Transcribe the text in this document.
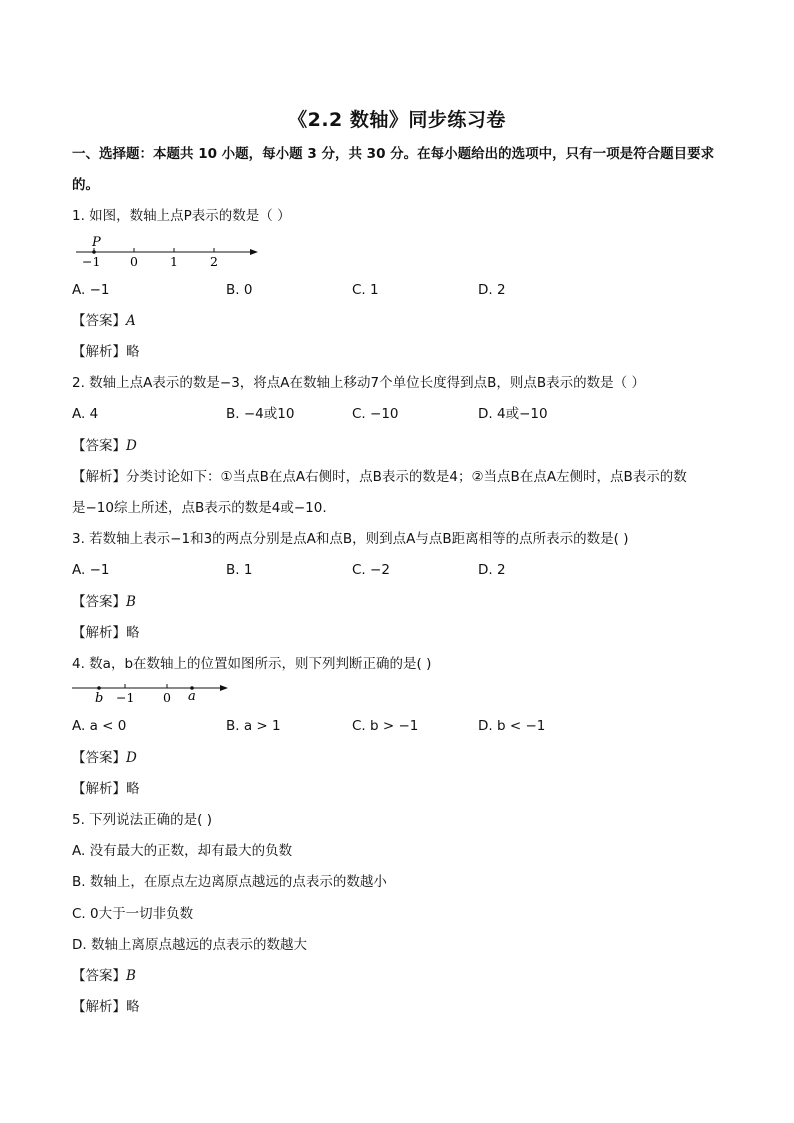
《2.2 数轴》同步练习卷
一、选择题：本题共 10 小题，每小题 3 分，共 30 分。在每小题给出的选项中，只有一项是符合题目要求
的。
1. 如图，数轴上点P表示的数是（ ）
P
−1 0	1	2
A. −1	B. 0	C. 1	D. 2
【答案】A
【解析】略
2. 数轴上点A表示的数是−3，将点A在数轴上移动7个单位长度得到点B，则点B表示的数是（ ）
A. 4	B. −4或10	C. −10	D. 4或−10
【答案】D
【解析】分类讨论如下：①当点B在点A右侧时，点B表示的数是4；②当点B在点A左侧时，点B表示的数
是−10综上所述，点B表示的数是4或−10.
3. 若数轴上表示−1和3的两点分别是点A和点B，则到点A与点B距离相等的点所表示的数是( )
A. −1	B. 1	C. −2	D. 2
【答案】B
【解析】略
4. 数a，b在数轴上的位置如图所示，则下列判断正确的是( )
b −1 0 a
A. a < 0	B. a > 1	C. b > −1	D. b < −1
【答案】D
【解析】略
5. 下列说法正确的是( )
A. 没有最大的正数，却有最大的负数
B. 数轴上，在原点左边离原点越远的点表示的数越小
C. 0大于一切非负数
D. 数轴上离原点越远的点表示的数越大
【答案】B
【解析】略
